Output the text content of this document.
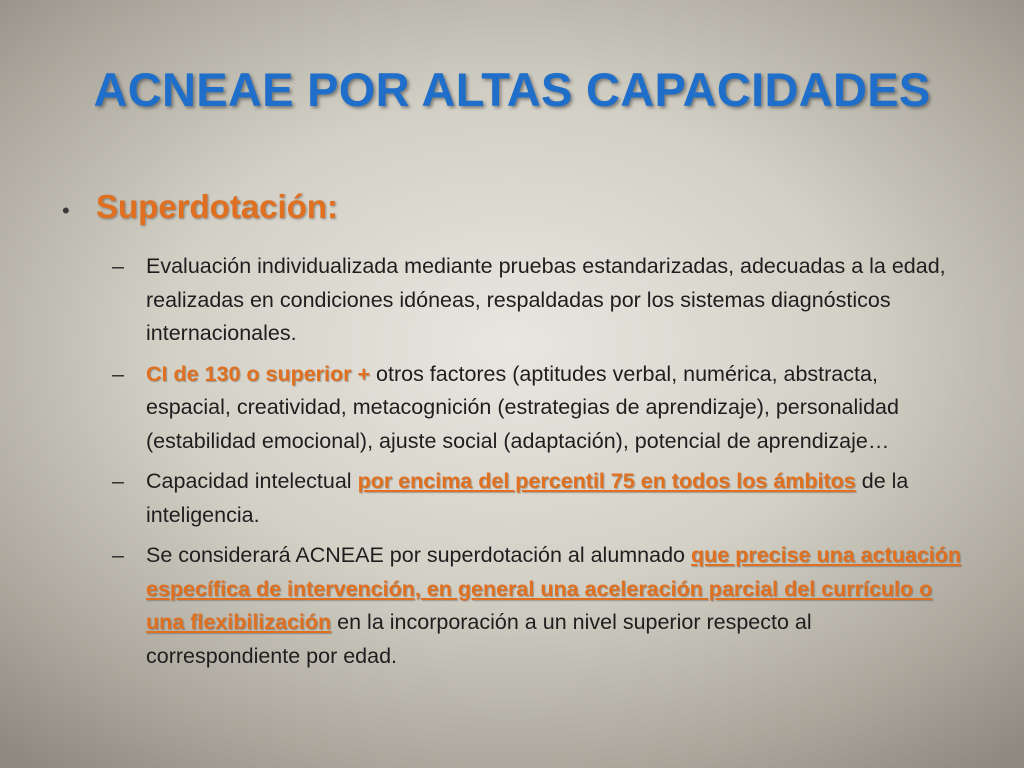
ACNEAE POR ALTAS CAPACIDADES
• Superdotación:
–	Evaluación individualizada mediante pruebas estandarizadas, adecuadas a la edad, realizadas en condiciones idóneas, respaldadas por los sistemas diagnósticos internacionales.
–	CI de 130 o superior + otros factores (aptitudes verbal, numérica, abstracta, espacial, creatividad, metacognición (estrategias de aprendizaje), personalidad (estabilidad emocional), ajuste social (adaptación), potencial de aprendizaje…
–	Capacidad intelectual por encima del percentil 75 en todos los ámbitos de la inteligencia.
–	Se considerará ACNEAE por superdotación al alumnado que precise una actuación específica de intervención, en general una aceleración parcial del currículo o una flexibilización en la incorporación a un nivel superior respecto al correspondiente por edad.
